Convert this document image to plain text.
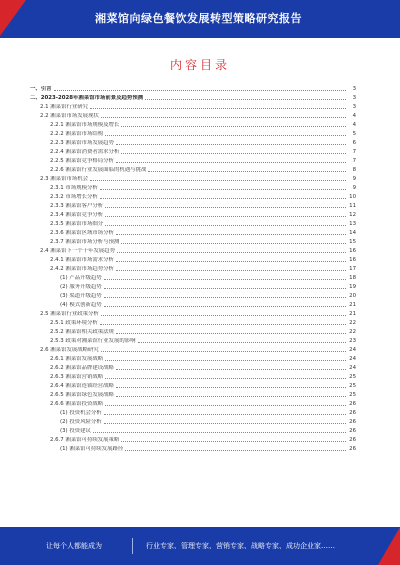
湘菜馆向绿色餐饮发展转型策略研究报告
内容目录
一、引言	3
二、2023-2028年湘菜馆市场前景及趋势预测	3
2.1 湘菜馆行业研究	3
2.2 湘菜馆市场发展现状	4
2.2.1 湘菜馆市场规模及增长	4
2.2.2 湘菜馆市场结构	5
2.2.3 湘菜馆市场发展趋势	6
2.2.4 湘菜馆消费者需求分析	7
2.2.5 湘菜馆竞争格局分析	7
2.2.6 湘菜馆行业发展面临的机遇与挑战	8
2.3 湘菜馆市场机会	9
2.3.1 市场规模分析	9
2.3.2 市场增长分析	10
2.3.3 湘菜馆客户分析	11
2.3.4 湘菜馆竞争分析	12
2.3.5 湘菜馆市场细分	13
2.3.6 湘菜馆区域市场分析	14
2.3.7 湘菜馆市场分析与预测	15
2.4 湘菜馆下一个十年发展趋势	16
2.4.1 湘菜馆市场需求分析	16
2.4.2 湘菜馆市场趋势分析	17
(1) 产品升级趋势	18
(2) 服务升级趋势	19
(3) 渠道升级趋势	20
(4) 模式创新趋势	21
2.5 湘菜馆行业政策分析	21
2.5.1 政策环境分析	22
2.5.2 湘菜馆相关政策法规	22
2.5.3 政策对湘菜馆行业发展的影响	23
2.6 湘菜馆发展战略研究	24
2.6.1 湘菜馆发展战略	24
2.6.2 湘菜馆品牌建设战略	24
2.6.3 湘菜馆营销战略	25
2.6.4 湘菜馆连锁经营战略	25
2.6.5 湘菜馆绿色发展战略	25
2.6.6 湘菜馆投资战略	26
(1) 投资机会分析	26
(2) 投资风险分析	26
(3) 投资建议	26
2.6.7 湘菜馆可持续发展策略	26
(1) 湘菜馆可持续发展路径	26
让每个人都能成为	行业专家、管理专家、营销专家、战略专家、成功企业家……
